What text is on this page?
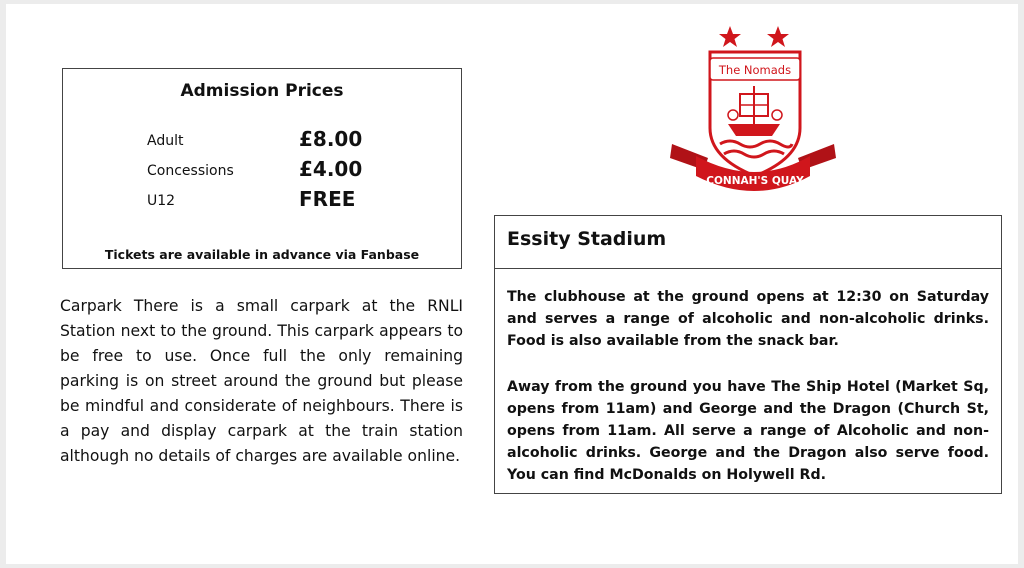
Admission Prices
Adult	£8.00
Concessions	£4.00
U12	FREE
Tickets are available in advance via Fanbase
Carpark There is a small carpark at the RNLI Station next to the ground. This carpark appears to be free to use. Once full the only remaining parking is on street around the ground but please be mindful and considerate of neighbours. There is a pay and display carpark at the train station although no details of charges are available online.
The Nomads
CONNAH'S QUAY
Essity Stadium
The clubhouse at the ground opens at 12:30 on Saturday and serves a range of alcoholic and non-alcoholic drinks. Food is also available from the snack bar.
Away from the ground you have The Ship Hotel (Market Sq, opens from 11am) and George and the Dragon (Church St, opens from 11am. All serve a range of Alcoholic and non-alcoholic drinks. George and the Dragon also serve food. You can find McDonalds on Holywell Rd.
